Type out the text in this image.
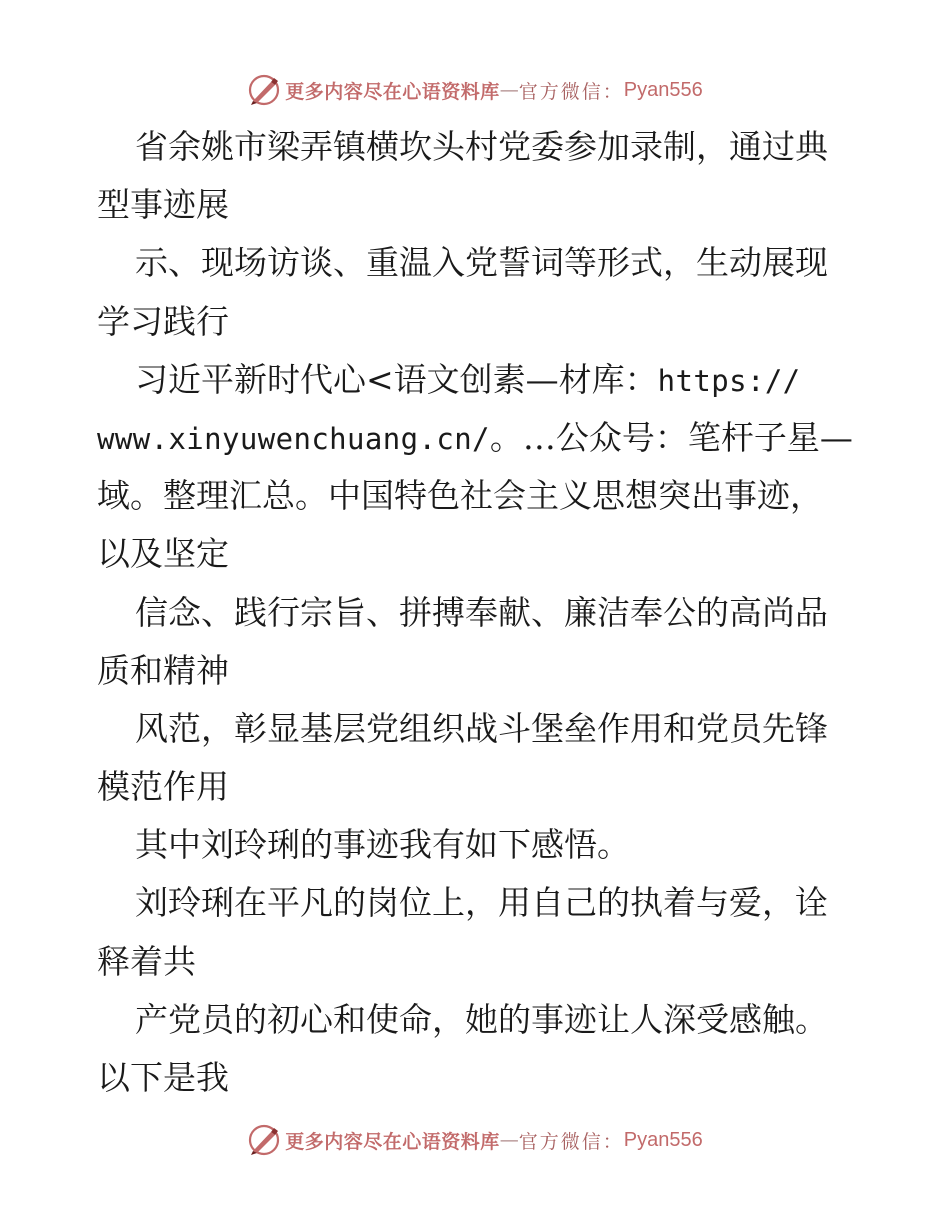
更多内容尽在心语资料库 — 官方微信： Pyan556
省余姚市梁弄镇横坎头村党委参加录制，通过典
型事迹展
示、现场访谈、重温入党誓词等形式，生动展现
学习践行
习近平新时代心<语文创素—材库：https://
www.xinyuwenchuang.cn/。…公众号：笔杆子星—
域。整理汇总。中国特色社会主义思想突出事迹，
以及坚定
信念、践行宗旨、拼搏奉献、廉洁奉公的高尚品
质和精神
风范，彰显基层党组织战斗堡垒作用和党员先锋
模范作用
其中刘玲琍的事迹我有如下感悟。
刘玲琍在平凡的岗位上，用自己的执着与爱，诠
释着共
产党员的初心和使命，她的事迹让人深受感触。
以下是我
更多内容尽在心语资料库 — 官方微信： Pyan556
